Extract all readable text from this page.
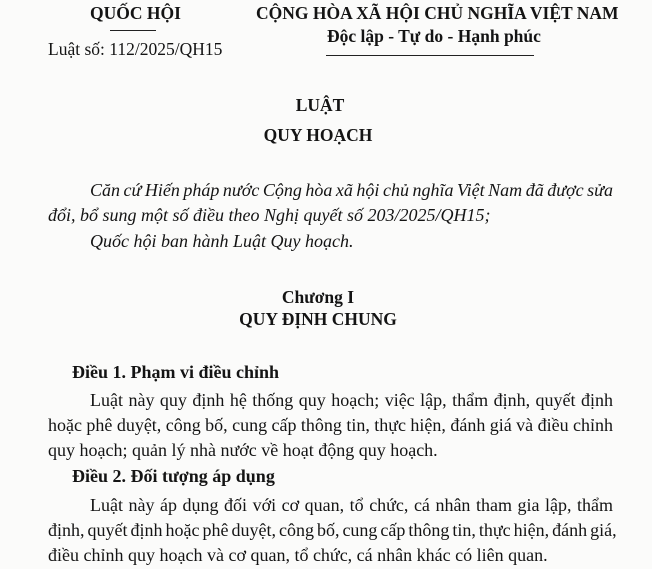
QUỐC HỘI
Luật số: 112/2025/QH15
CỘNG HÒA XÃ HỘI CHỦ NGHĨA VIỆT NAM
Độc lập - Tự do - Hạnh phúc
LUẬT
QUY HOẠCH
Căn cứ Hiến pháp nước Cộng hòa xã hội chủ nghĩa Việt Nam đã được sửa
đổi, bổ sung một số điều theo Nghị quyết số 203/2025/QH15;
Quốc hội ban hành Luật Quy hoạch.
Chương I
QUY ĐỊNH CHUNG
Điều 1. Phạm vi điều chỉnh
Luật này quy định hệ thống quy hoạch; việc lập, thẩm định, quyết định
hoặc phê duyệt, công bố, cung cấp thông tin, thực hiện, đánh giá và điều chỉnh
quy hoạch; quản lý nhà nước về hoạt động quy hoạch.
Điều 2. Đối tượng áp dụng
Luật này áp dụng đối với cơ quan, tổ chức, cá nhân tham gia lập, thẩm
định, quyết định hoặc phê duyệt, công bố, cung cấp thông tin, thực hiện, đánh giá,
điều chỉnh quy hoạch và cơ quan, tổ chức, cá nhân khác có liên quan.
